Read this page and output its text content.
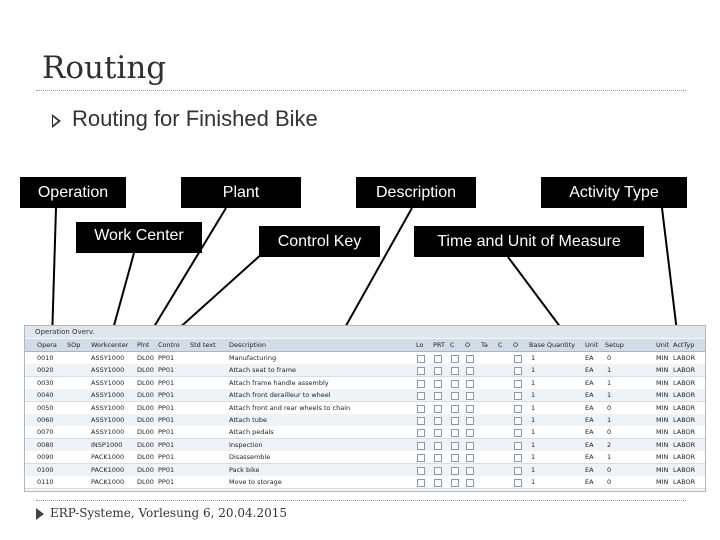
Routing
Routing for Finished Bike
Operation	Plant	Description	Activity Type
Work Center	Control Key	Time and Unit of Measure
Operation Overv.
Opera SOp Workcenter Plnt Contro Std text Description	Lo PRT C O Ta C O Base Quantity Unit Setup	Unit ActTyp
0010	ASSY1000 DL00 PP01	Manufacturing	1	EA 0	MIN LABOR
0020	ASSY1000 DL00 PP01	Attach seat to frame	1	EA 1	MIN LABOR
0030	ASSY1000 DL00 PP01	Attach frame handle assembly	1	EA 1	MIN LABOR
0040	ASSY1000 DL00 PP01	Attach front derailleur to wheel	1	EA 1	MIN LABOR
0050	ASSY1000 DL00 PP01	Attach front and rear wheels to chain	1	EA 0	MIN LABOR
0060	ASSY1000 DL00 PP01	Attach tube	1	EA 1	MIN LABOR
0070	ASSY1000 DL00 PP01	Attach pedals	1	EA 0	MIN LABOR
0080	INSP1000 DL00 PP01	Inspection	1	EA 2	MIN LABOR
0090	PACK1000 DL00 PP01	Disassemble	1	EA 1	MIN LABOR
0100	PACK1000 DL00 PP01	Pack bike	1	EA 0	MIN LABOR
0110	PACK1000 DL00 PP01	Move to storage	1	EA 0	MIN LABOR
ERP-Systeme, Vorlesung 6, 20.04.2015
